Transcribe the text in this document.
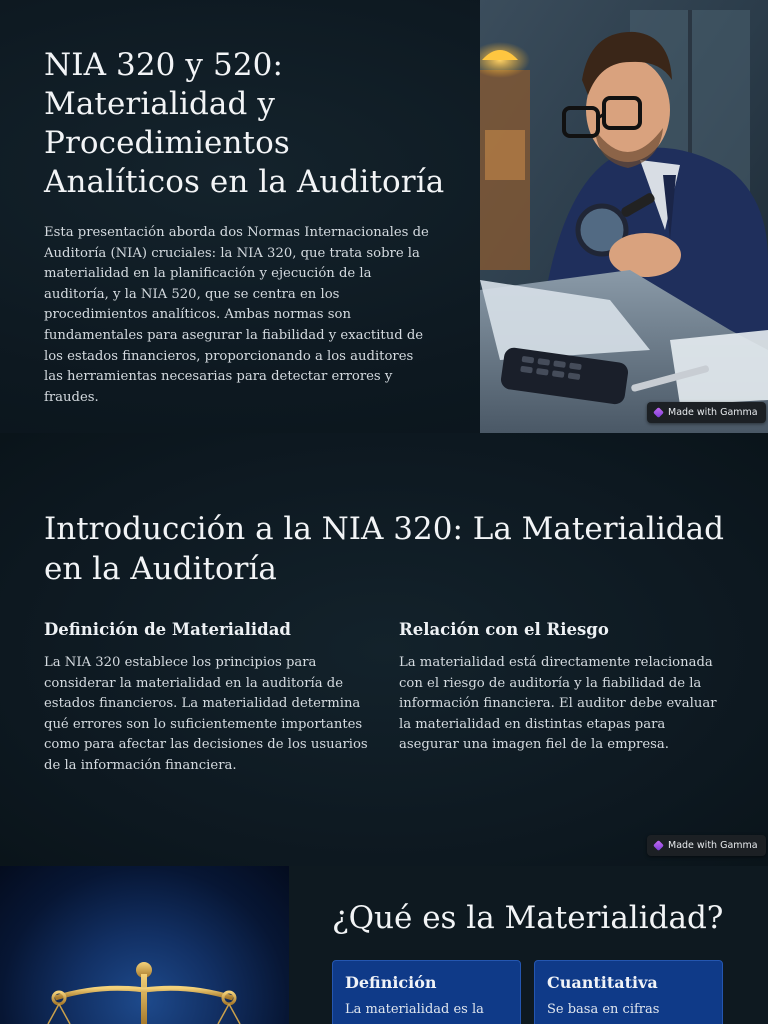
NIA 320 y 520: Materialidad y Procedimientos Analíticos en la Auditoría

Esta presentación aborda dos Normas Internacionales de Auditoría (NIA) cruciales: la NIA 320, que trata sobre la materialidad en la planificación y ejecución de la auditoría, y la NIA 520, que se centra en los procedimientos analíticos. Ambas normas son fundamentales para asegurar la fiabilidad y exactitud de los estados financieros, proporcionando a los auditores las herramientas necesarias para detectar errores y fraudes.

Made with Gamma
Introducción a la NIA 320: La Materialidad en la Auditoría
Definición de Materialidad

La NIA 320 establece los principios para considerar la materialidad en la auditoría de estados financieros. La materialidad determina qué errores son lo suficientemente importantes como para afectar las decisiones de los usuarios de la información financiera.

Relación con el Riesgo

La materialidad está directamente relacionada con el riesgo de auditoría y la fiabilidad de la información financiera. El auditor debe evaluar la materialidad en distintas etapas para asegurar una imagen fiel de la empresa.

Made with Gamma
¿Qué es la Materialidad?
Definición

La materialidad es la

Cuantitativa

Se basa en cifras
